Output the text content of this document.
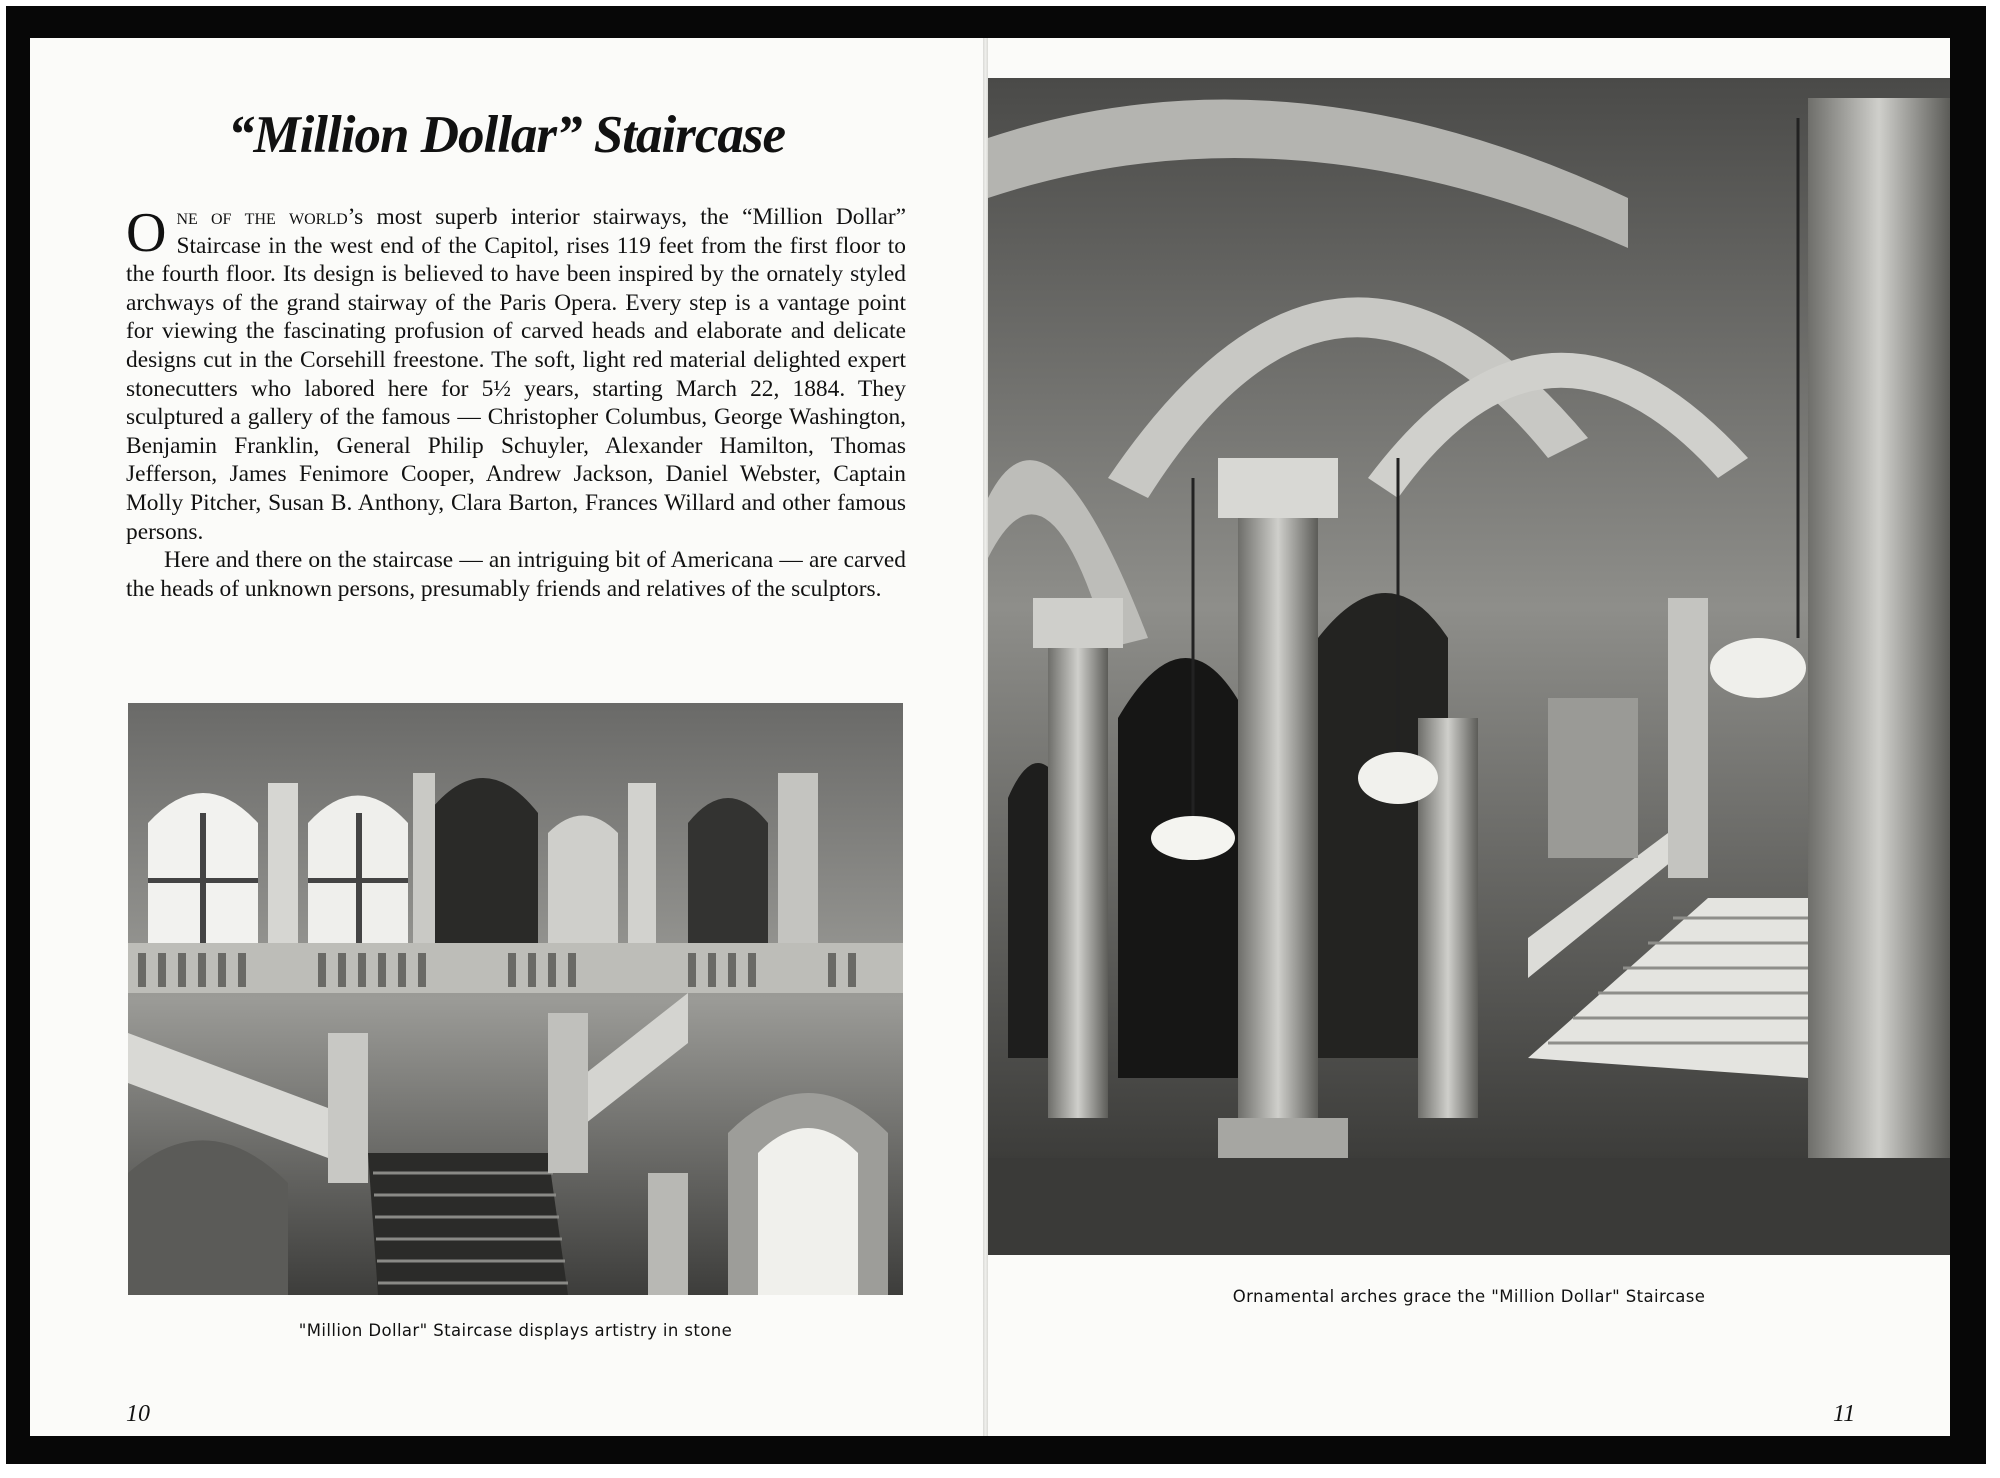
“Million Dollar” Staircase

One of the world’s most superb interior stairways, the “Million Dollar” Staircase in the west end of the Capitol, rises 119 feet from the first floor to the fourth floor. Its design is believed to have been inspired by the ornately styled archways of the grand stairway of the Paris Opera. Every step is a vantage point for viewing the fascinating profusion of carved heads and elaborate and delicate designs cut in the Corsehill freestone. The soft, light red material delighted expert stonecutters who labored here for 5½ years, starting March 22, 1884. They sculptured a gallery of the famous — Christopher Columbus, George Washington, Benjamin Franklin, General Philip Schuyler, Alexander Hamilton, Thomas Jefferson, James Fenimore Cooper, Andrew Jackson, Daniel Webster, Captain Molly Pitcher, Susan B. Anthony, Clara Barton, Frances Willard and other famous persons.

Here and there on the staircase — an intriguing bit of Americana — are carved the heads of unknown persons, presumably friends and relatives of the sculptors.

"Million Dollar" Staircase displays artistry in stone

10

Ornamental arches grace the "Million Dollar" Staircase

11
